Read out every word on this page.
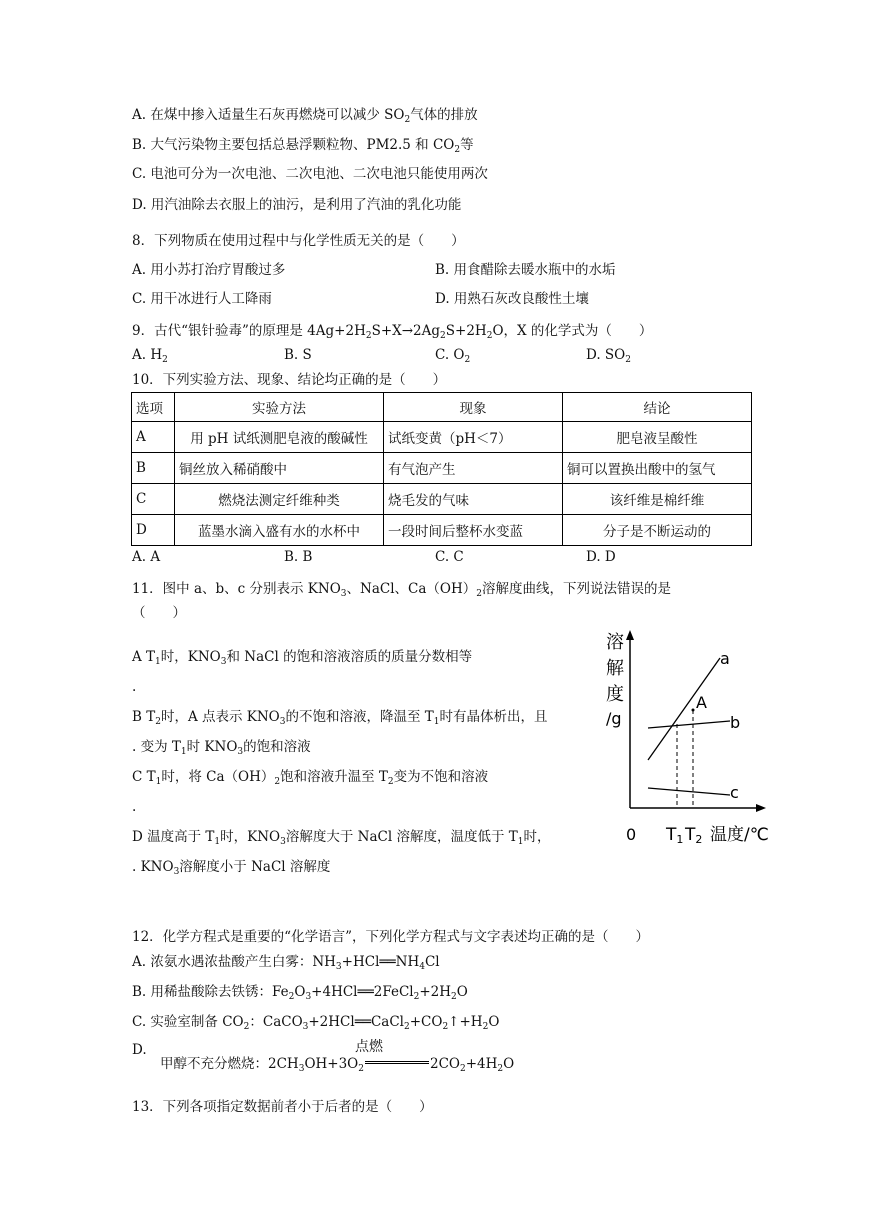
A. 在煤中掺入适量生石灰再燃烧可以减少 $SO_2$气体的排放
B. 大气污染物主要包括总悬浮颗粒物、PM2.5 和 $CO_2$等
C. 电池可分为一次电池、二次电池、二次电池只能使用两次
D. 用汽油除去衣服上的油污，是利用了汽油的乳化功能
8．下列物质在使用过程中与化学性质无关的是（　　）
A. 用小苏打治疗胃酸过多	B. 用食醋除去暖水瓶中的水垢
C. 用干冰进行人工降雨	D. 用熟石灰改良酸性土壤
9．古代“银针验毒”的原理是 $4Ag+2H_2S+X\to 2Ag_2S+2H_2O$，X 的化学式为（　　）
A. $H_2$	B. S	C. $O_2$	D. $SO_2$
10．下列实验方法、现象、结论均正确的是（　　）
选项	实验方法	现象	结论
A	用 pH 试纸测肥皂液的酸碱性	试纸变黄（pH＜7）	肥皂液呈酸性
B	铜丝放入稀硝酸中	有气泡产生	铜可以置换出酸中的氢气
C	燃烧法测定纤维种类	烧毛发的气味	该纤维是棉纤维
D	蓝墨水滴入盛有水的水杯中	一段时间后整杯水变蓝	分子是不断运动的
A. A	B. B	C. C	D. D
11．图中 a、b、c 分别表示 $KNO_3$、NaCl、$Ca(OH)_2$溶解度曲线，下列说法错误的是
（　　）
A $T_1$时，$KNO_3$和 NaCl 的饱和溶液溶质的质量分数相等
.
B $T_2$时，A 点表示 $KNO_3$的不饱和溶液，降温至 $T_1$时有晶体析出，且
. 变为 $T_1$时 $KNO_3$的饱和溶液
C $T_1$时，将 $Ca(OH)_2$饱和溶液升温至 $T_2$变为不饱和溶液
.
D 温度高于 $T_1$时，$KNO_3$溶解度大于 NaCl 溶解度，温度低于 $T_1$时，
. $KNO_3$溶解度小于 NaCl 溶解度
溶
解
度
/g
A
a
b
c
0 T1 T2 温度/℃
12．化学方程式是重要的“化学语言”，下列化学方程式与文字表述均正确的是（　　）
A. 浓氨水遇浓盐酸产生白雾：$NH_3+HCl══NH_4Cl$
B. 用稀盐酸除去铁锈：$Fe_2O_3+4HCl══2FeCl_2+2H_2O$
C. 实验室制备 $CO_2$：$CaCO_3+2HCl══CaCl_2+CO_2↑+H_2O$
D.
甲醇不充分燃烧：$2CH_3OH+3O_2$	$2CO_2+4H_2O$
点燃
13．下列各项指定数据前者小于后者的是（　　）
